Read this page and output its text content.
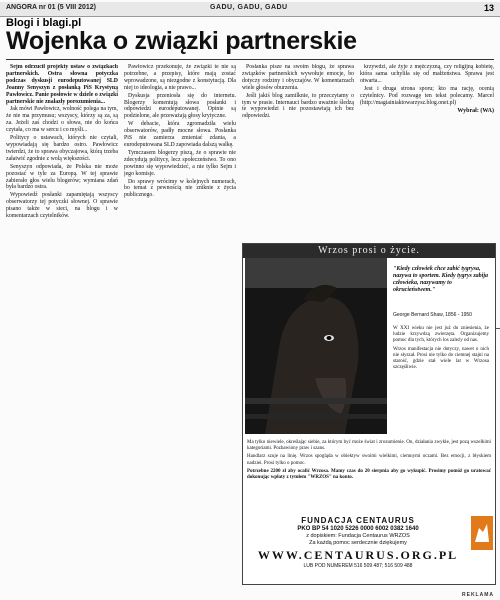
ANGORA nr 01 (5 VIII 2012)	GADU, GADU, GADU	13
Blogi i blagi.pl
Wojenka o związki partnerskie

Sejm odrzucił projekty ustaw o związkach partnerskich. Ostra słowna potyczka podczas dyskusji eurodeputowanej SLD Joanny Senyszyn z posłanką PiS Krystyną Pawłowicz. Panie posłowie w dziele o związki partnerskie nie znalazły porozumienia...

Jak mówi Pawłowicz, wolność polega na tym, że nie ma przymusu; wszyscy, którzy są za, są za. Jeżeli zaś chodzi o słowa, nie do końca czytała, co ma w sercu i co myśli...

Politycy o ustawach, których nie czytali, wypowiadają się bardzo ostro. Pawłowicz twierdzi, że to sprawa obyczajowa, którą trzeba załatwić zgodnie z wolą większości.

Senyszyn odpowiada, że Polska nie może pozostać w tyle za Europą. W tej sprawie zabierało głos wielu blogerów; wymiana zdań była bardzo ostra.

Wypowiedź posłanki zapamiętają wszyscy obserwatorzy tej potyczki słownej. O sprawie pisano także w sieci, na blogu i w komentarzach czytelników.

Pawłowicz przekonuje, że związki te nie są potrzebne, a przepisy, które mają zostać wprowadzone, są niezgodne z konstytucją. Dla niej to ideologia, a nie prawo...

Dyskusja przeniosła się do internetu. Blogerzy komentują słowa posłanki i odpowiedzi eurodeputowanej. Opinie są podzielone, ale przeważają głosy krytyczne.

W debacie, która zgromadziła wielu obserwatorów, padły mocne słowa. Posłanka PiS nie zamierza zmieniać zdania, a eurodeputowana SLD zapowiada dalszą walkę.

Tymczasem blogerzy piszą, że o sprawie nie zdecydują politycy, lecz społeczeństwo. To ono powinno się wypowiedzieć, a nie tylko Sejm i jego komisje.

Do sprawy wrócimy w kolejnych numerach, bo temat z pewnością nie zniknie z życia publicznego.

Posłanka pisze na swoim blogu, że sprawa związków partnerskich wywołuje emocje, bo dotyczy rodziny i obyczajów. W komentarzach wiele głosów oburzenia.

Jeśli jakiś blog zamilknie, to przeczytamy o tym w prasie. Internauci bardzo uważnie śledzą te wypowiedzi i nie pozostawiają ich bez odpowiedzi.

krzywdzi, ale żyje z mężczyzną, czy religijną kobietę, która sama uchyliła się od małżeństwa. Sprawa jest otwarta...

Jest i druga strona sporu; kto ma rację, ocenią czytelnicy. Pod rozwagę ten tekst polecamy. Marcel (http://magiainiaktowarzysz.blog.onet.pl)

Wybrał: (WA)
Wrzos prosi o życie.
"Kiedy człowiek chce zabić tygrysa, nazywa to sportem. Kiedy tygrys zabija człowieka, nazywamy to okrucieństwem."
George Bernard Shaw, 1856 - 1950

W XXI wieku nie jest już do zniesienia, że ludzie krzywdzą zwierzęta. Organizujemy pomoc dla tych, których los zależy od nas.

Wrzos manifestacja nie dotyczy, nawet o nich nie słyszał. Prosi nie tylko do ciemnej stajni na starość, gdzie stał wiele lat w Wrzosa szczęśliwie.

Ma tylko niewiele, określając siebie, za którym być może świat i zrozumienie. On, działania zwykłe, jest pozą wszelkimi kategoriami. Pozbawiony praw i szans.

Handlarz szuje na linię. Wrzos spogląda w obiektyw swoimi wielkimi, ciemnymi oczami. Bez emocji, z błyskiem nadziei. Prosi tylko o pomoc.

Potrzebne 2200 zł aby ocalić Wrzosa. Mamy czas do 20 sierpnia aby go wykupić. Prosimy pomóż go uratować dokonując wpłaty z tytułem "WRZOS" na konto.

FUNDACJA CENTAURUS
PKO BP 54 1020 5226 0000 6002 0382 1640
z dopiskiem: Fundacja Centaurus WRZOS
Za każdą pomoc serdecznie dziękujemy
WWW.CENTAURUS.ORG.PL
LUB POD NUMEREM 516 509 487; 516 509 488
REKLAMA
